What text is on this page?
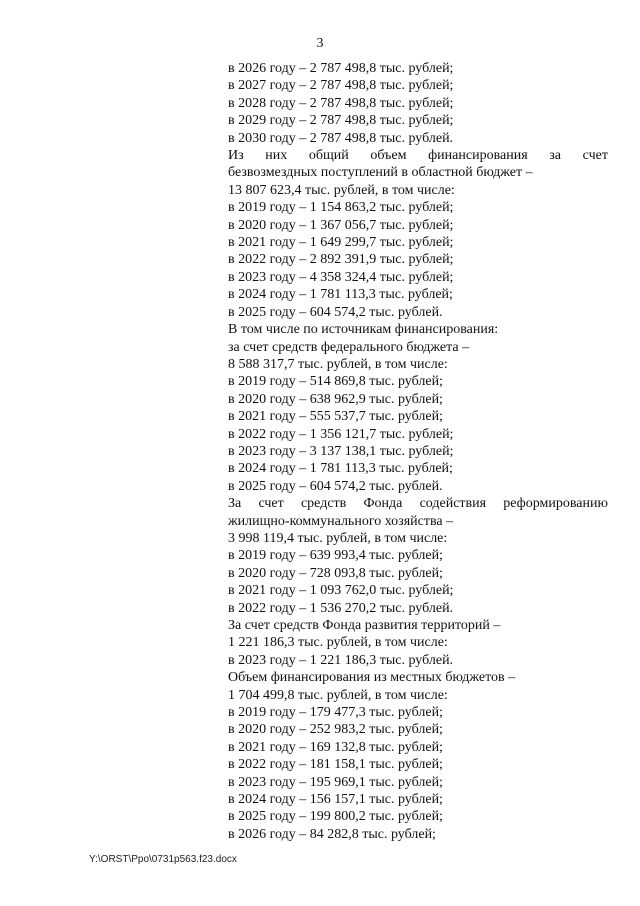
3

в 2026 году – 2 787 498,8 тыс. рублей;

в 2027 году – 2 787 498,8 тыс. рублей;

в 2028 году – 2 787 498,8 тыс. рублей;

в 2029 году – 2 787 498,8 тыс. рублей;

в 2030 году – 2 787 498,8 тыс. рублей.

Из них общий объем финансирования за счет

безвозмездных поступлений в областной бюджет –

13 807 623,4 тыс. рублей, в том числе:

в 2019 году – 1 154 863,2 тыс. рублей;

в 2020 году – 1 367 056,7 тыс. рублей;

в 2021 году – 1 649 299,7 тыс. рублей;

в 2022 году – 2 892 391,9 тыс. рублей;

в 2023 году – 4 358 324,4 тыс. рублей;

в 2024 году – 1 781 113,3 тыс. рублей;

в 2025 году – 604 574,2 тыс. рублей.

В том числе по источникам финансирования:

за счет средств федерального бюджета –

8 588 317,7 тыс. рублей, в том числе:

в 2019 году – 514 869,8 тыс. рублей;

в 2020 году – 638 962,9 тыс. рублей;

в 2021 году – 555 537,7 тыс. рублей;

в 2022 году – 1 356 121,7 тыс. рублей;

в 2023 году – 3 137 138,1 тыс. рублей;

в 2024 году – 1 781 113,3 тыс. рублей;

в 2025 году – 604 574,2 тыс. рублей.

За счет средств Фонда содействия реформированию

жилищно-коммунального хозяйства –

3 998 119,4 тыс. рублей, в том числе:

в 2019 году – 639 993,4 тыс. рублей;

в 2020 году – 728 093,8 тыс. рублей;

в 2021 году – 1 093 762,0 тыс. рублей;

в 2022 году – 1 536 270,2 тыс. рублей.

За счет средств Фонда развития территорий –

1 221 186,3 тыс. рублей, в том числе:

в 2023 году – 1 221 186,3 тыс. рублей.

Объем финансирования из местных бюджетов –

1 704 499,8 тыс. рублей, в том числе:

в 2019 году – 179 477,3 тыс. рублей;

в 2020 году – 252 983,2 тыс. рублей;

в 2021 году – 169 132,8 тыс. рублей;

в 2022 году – 181 158,1 тыс. рублей;

в 2023 году – 195 969,1 тыс. рублей;

в 2024 году – 156 157,1 тыс. рублей;

в 2025 году – 199 800,2 тыс. рублей;

в 2026 году – 84 282,8 тыс. рублей;

Y:\ORST\Ppo\0731p563.f23.docx
